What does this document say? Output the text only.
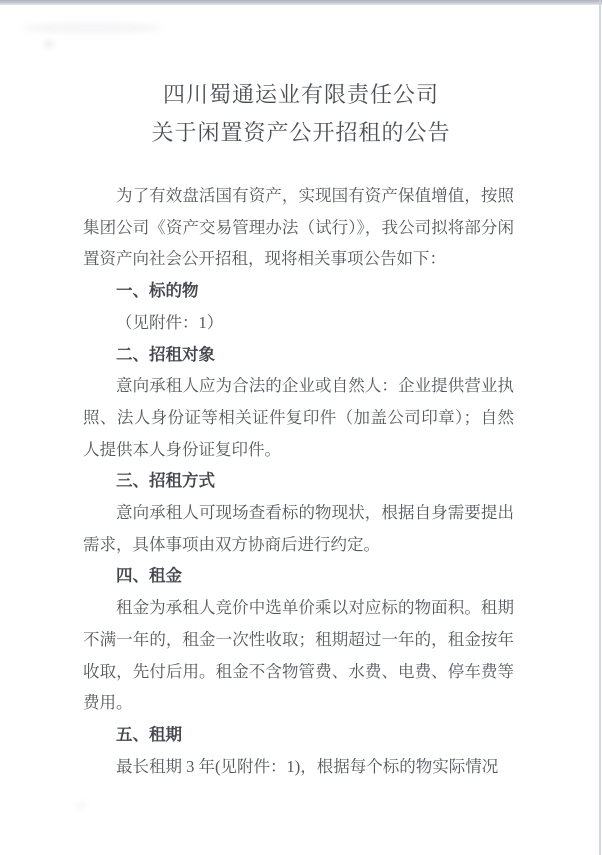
四川蜀通运业有限责任公司
关于闲置资产公开招租的公告

为了有效盘活国有资产，实现国有资产保值增值，按照集团公司《资产交易管理办法（试行）》，我公司拟将部分闲置资产向社会公开招租，现将相关事项公告如下：

一、标的物

（见附件：1）

二、招租对象

意向承租人应为合法的企业或自然人：企业提供营业执照、法人身份证等相关证件复印件（加盖公司印章）；自然人提供本人身份证复印件。

三、招租方式

意向承租人可现场查看标的物现状，根据自身需要提出需求，具体事项由双方协商后进行约定。

四、租金

租金为承租人竞价中选单价乘以对应标的物面积。租期不满一年的，租金一次性收取；租期超过一年的，租金按年收取，先付后用。租金不含物管费、水费、电费、停车费等费用。

五、租期

最长租期 3 年(见附件：1)，根据每个标的物实际情况
